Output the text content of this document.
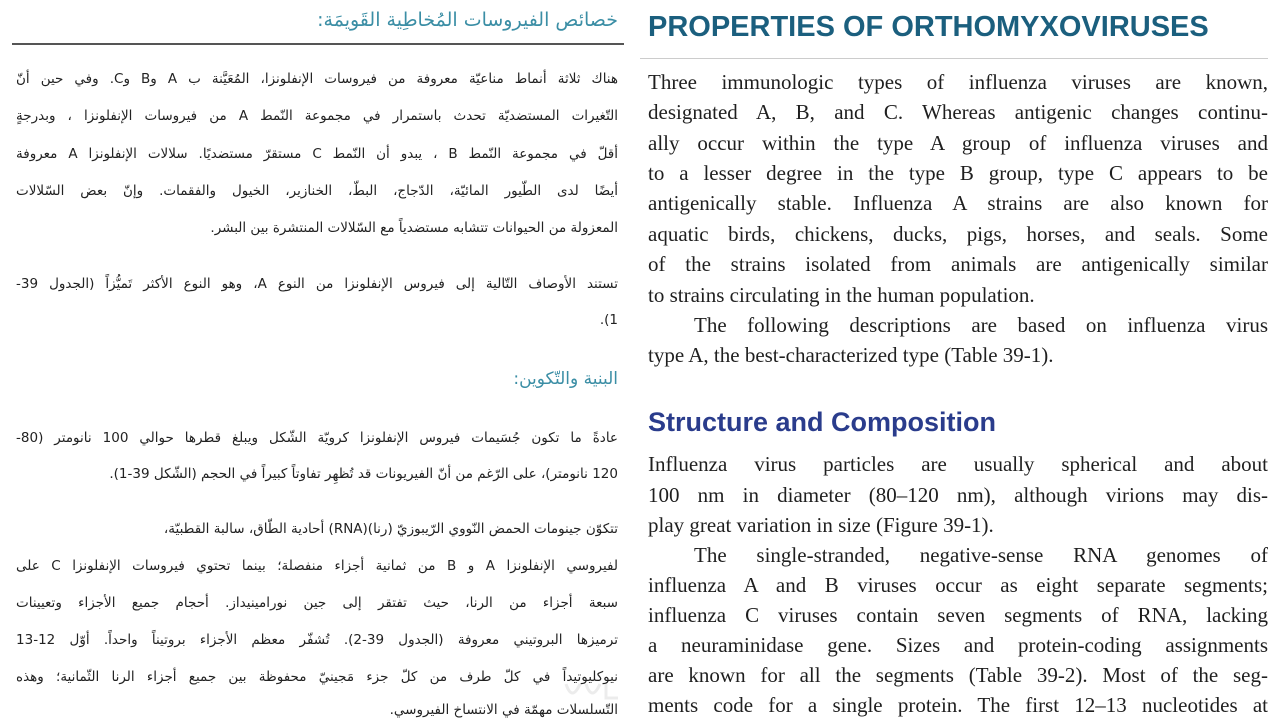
خصائص الفيروسات المُخاطِية القَويمَة:
هناك ثلاثة أنماط مناعيّة معروفة من فيروسات الإنفلونزا، المُعَيَّنة ب A وB وC. وفي حين أنّ
التّغيرات المستضديّة تحدث باستمرار في مجموعة النّمط A من فيروسات الإنفلونزا ، وبدرجةٍ
أقلّ في مجموعة النّمط B ، يبدو أن النّمط C مستقرّ مستضديًا. سلالات الإنفلونزا A معروفة
أيضًا لدى الطّيور المائيّة، الدّجاج، البطّ، الخنازير، الخيول والفقمات. وإنّ بعض السّلالات
المعزولة من الحيوانات تتشابه مستضدياً مع السّلالات المنتشرة بين البشر.
تستند الأوصاف التّالية إلى فيروس الإنفلونزا من النوع A، وهو النوع الأكثر تَميُّزاً (الجدول 39-
1).
البنية والتّكوين:
عادةً ما تكون جُسَيمات فيروس الإنفلونزا كرويّة الشّكل ويبلغ قطرها حوالي 100 نانومتر (80-
120 نانومتر)، على الرّغم من أنّ الفيريونات قد تُظهِر تفاوتاً كبيراً في الحجم (الشّكل 39-1).
تتكوّن جينومات الحمض النّووي الرّيبوزيّ (رنا)(RNA) أحادية الطّاق، سالبة القطبيّة،
لفيروسي الإنفلونزا A و B من ثمانية أجزاء منفصلة؛ بينما تحتوي فيروسات الإنفلونزا C على
سبعة أجزاء من الرنا، حيث تفتقر إلى جين نورامينيداز. أحجام جميع الأجزاء وتعيينات
ترميزها البروتيني معروفة (الجدول 39-2). تُشفّر معظم الأجزاء بروتيناً واحداً. أوّل 12-13
نيوكليوتيداً في كلّ طرف من كلّ جزء مَجينيّ محفوظة بين جميع أجزاء الرنا الثّمانية؛ وهذه
التّسلسلات مهمّة في الانتساخ الفيروسي.
PROPERTIES OF ORTHOMYXOVIRUSES
Three immunologic types of influenza viruses are known,
designated A, B, and C. Whereas antigenic changes continu-
ally occur within the type A group of influenza viruses and
to a lesser degree in the type B group, type C appears to be
antigenically stable. Influenza A strains are also known for
aquatic birds, chickens, ducks, pigs, horses, and seals. Some
of the strains isolated from animals are antigenically similar
to strains circulating in the human population.
The following descriptions are based on influenza virus
type A, the best-characterized type (Table 39-1).
Structure and Composition
Influenza virus particles are usually spherical and about
100 nm in diameter (80–120 nm), although virions may dis-
play great variation in size (Figure 39-1).
The single-stranded, negative-sense RNA genomes of
influenza A and B viruses occur as eight separate segments;
influenza C viruses contain seven segments of RNA, lacking
a neuraminidase gene. Sizes and protein-coding assignments
are known for all the segments (Table 39-2). Most of the seg-
ments code for a single protein. The first 12–13 nucleotides at
